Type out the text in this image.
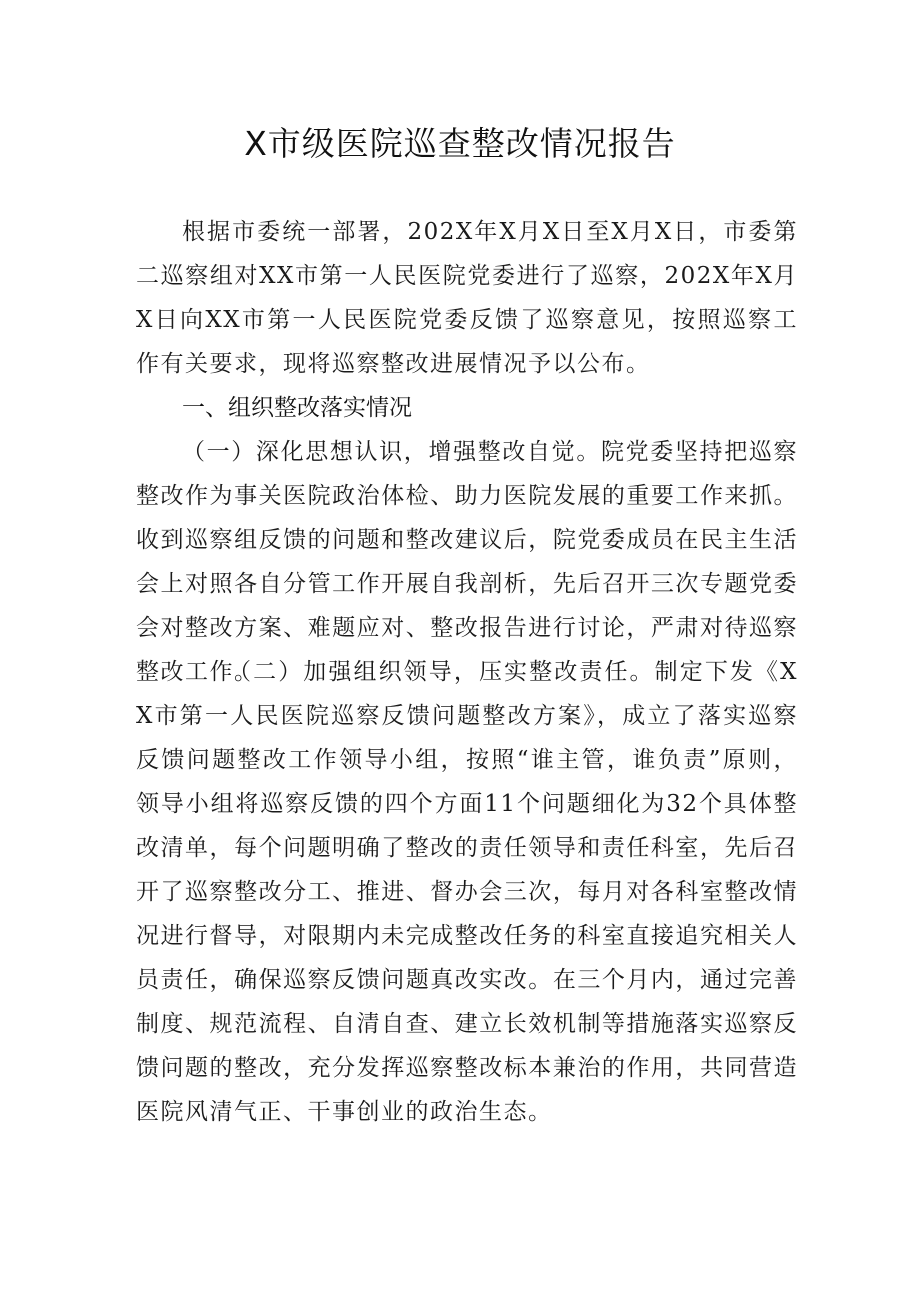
X市级医院巡查整改情况报告

根据市委统一部署，202X年X月X日至X月X日，市委第二巡察组对XX市第一人民医院党委进行了巡察，202X年X月X日向XX市第一人民医院党委反馈了巡察意见，按照巡察工作有关要求，现将巡察整改进展情况予以公布。

一、组织整改落实情况

（一）深化思想认识，增强整改自觉。院党委坚持把巡察整改作为事关医院政治体检、助力医院发展的重要工作来抓。收到巡察组反馈的问题和整改建议后，院党委成员在民主生活会上对照各自分管工作开展自我剖析，先后召开三次专题党委会对整改方案、难题应对、整改报告进行讨论，严肃对待巡察整改工作。

（二）加强组织领导，压实整改责任。制定下发《XX市第一人民医院巡察反馈问题整改方案》，成立了落实巡察反馈问题整改工作领导小组，按照“谁主管，谁负责”原则，领导小组将巡察反馈的四个方面11个问题细化为32个具体整改清单，每个问题明确了整改的责任领导和责任科室，先后召开了巡察整改分工、推进、督办会三次，每月对各科室整改情况进行督导，对限期内未完成整改任务的科室直接追究相关人员责任，确保巡察反馈问题真改实改。在三个月内，通过完善制度、规范流程、自清自查、建立长效机制等措施落实巡察反馈问题的整改，充分发挥巡察整改标本兼治的作用，共同营造医院风清气正、干事创业的政治生态。
